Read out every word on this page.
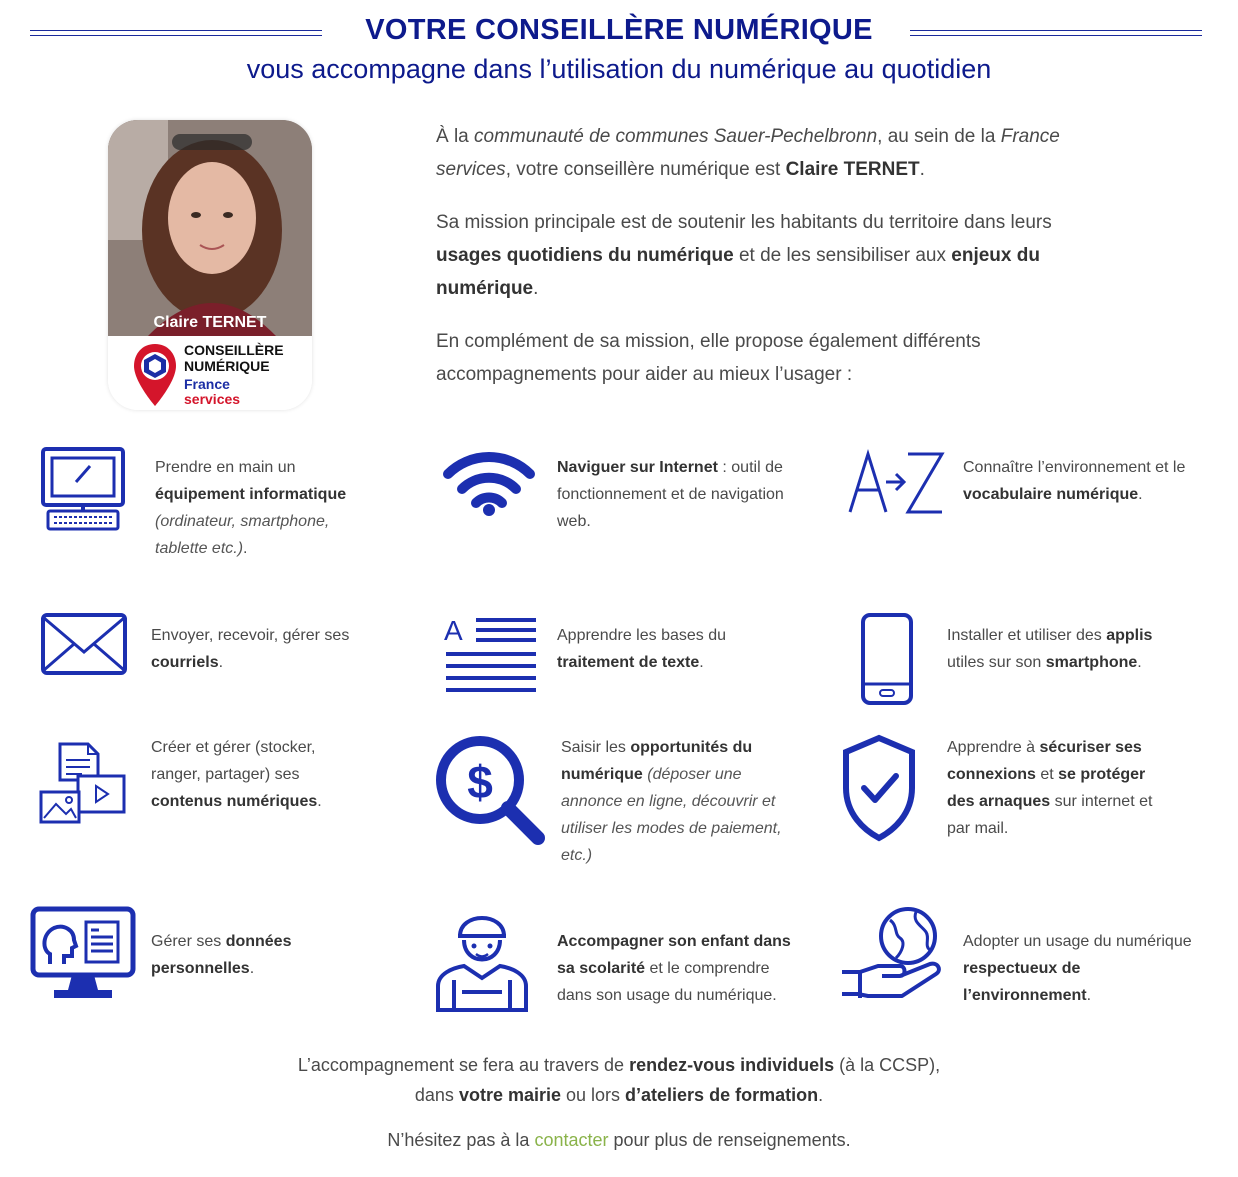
VOTRE CONSEILLÈRE NUMÉRIQUE
vous accompagne dans l’utilisation du numérique au quotidien
Claire TERNET
CONSEILLÈRE
NUMÉRIQUE
France
services

À la communauté de communes Sauer-Pechelbronn, au sein de la France services, votre conseillère numérique est Claire TERNET.

Sa mission principale est de soutenir les habitants du territoire dans leurs usages quotidiens du numérique et de les sensibiliser aux enjeux du numérique.

En complément de sa mission, elle propose également différents accompagnements pour aider au mieux l’usager :

Prendre en main un équipement informatique (ordinateur, smartphone, tablette etc.).
Naviguer sur Internet : outil de fonctionnement et de navigation web.
Connaître l’environnement et le vocabulaire numérique.
Envoyer, recevoir, gérer ses courriels.
A	Apprendre les bases du traitement de texte.
Installer et utiliser des applis utiles sur son smartphone.
Créer et gérer (stocker, ranger, partager) ses contenus numériques.	$
Saisir les opportunités du numérique (déposer une annonce en ligne, découvrir et utiliser les modes de paiement, etc.)
Apprendre à sécuriser ses connexions et se protéger des arnaques sur internet et par mail.
Gérer ses données personnelles.
Accompagner son enfant dans sa scolarité et le comprendre dans son usage du numérique.
Adopter un usage du numérique respectueux de l’environnement.
L’accompagnement se fera au travers de rendez-vous individuels (à la CCSP),
dans votre mairie ou lors d’ateliers de formation.
N’hésitez pas à la contacter pour plus de renseignements.
